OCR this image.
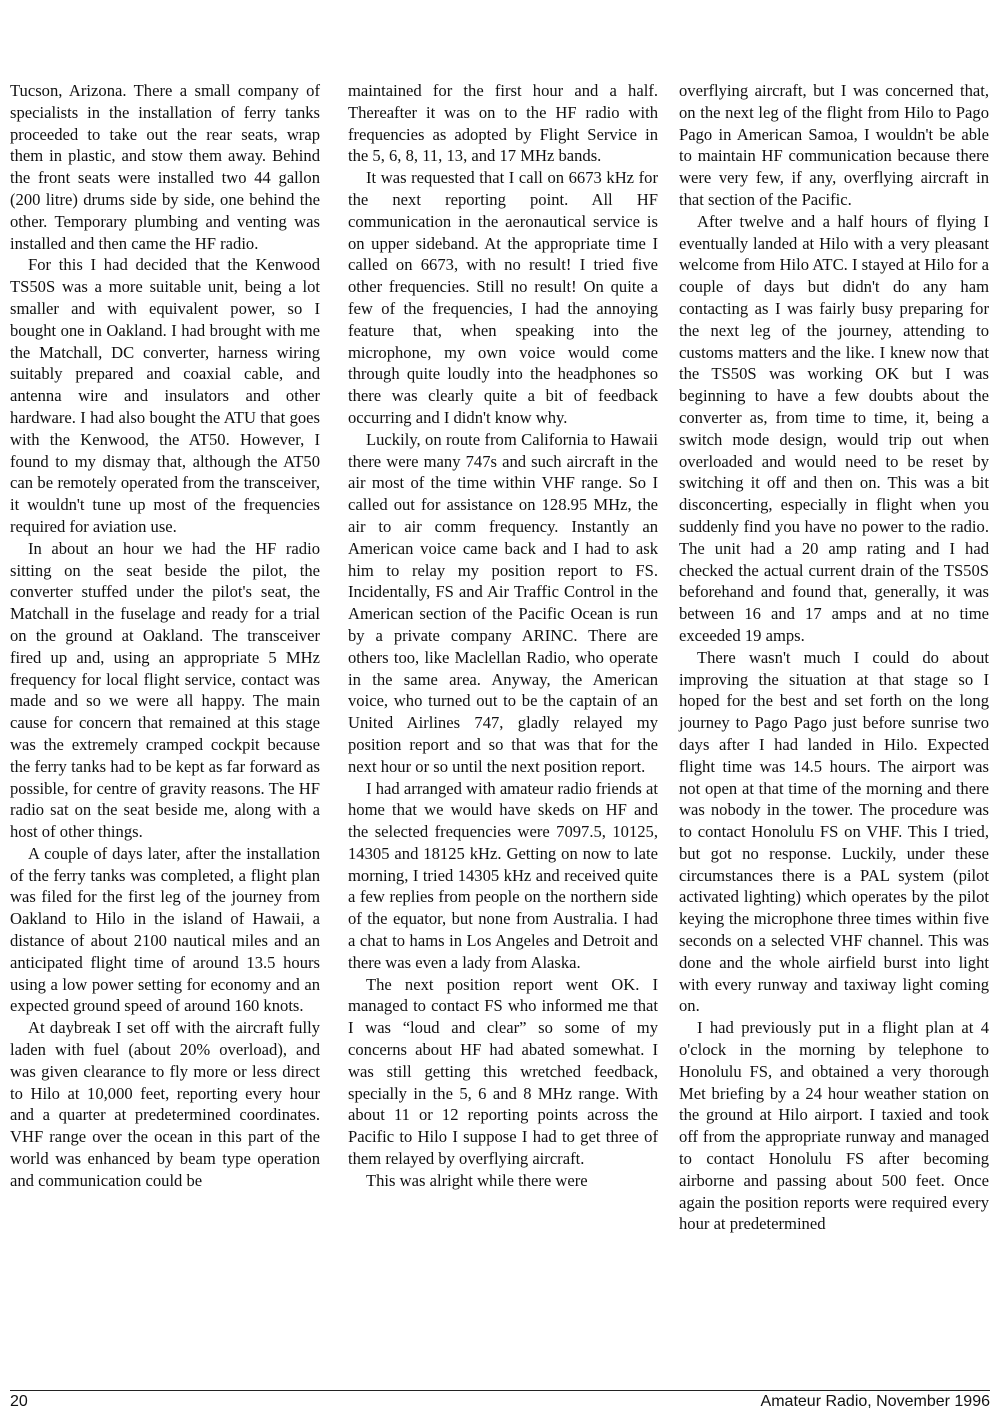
Tucson, Arizona. There a small company of specialists in the installation of ferry tanks proceeded to take out the rear seats, wrap them in plastic, and stow them away. Behind the front seats were installed two 44 gallon (200 litre) drums side by side, one behind the other. Temporary plumbing and venting was installed and then came the HF radio.

For this I had decided that the Kenwood TS50S was a more suitable unit, being a lot smaller and with equivalent power, so I bought one in Oakland. I had brought with me the Matchall, DC converter, harness wiring suitably prepared and coaxial cable, and antenna wire and insulators and other hardware. I had also bought the ATU that goes with the Kenwood, the AT50. However, I found to my dismay that, although the AT50 can be remotely operated from the transceiver, it wouldn't tune up most of the frequencies required for aviation use.

In about an hour we had the HF radio sitting on the seat beside the pilot, the converter stuffed under the pilot's seat, the Matchall in the fuselage and ready for a trial on the ground at Oakland. The transceiver fired up and, using an appropriate 5 MHz frequency for local flight service, contact was made and so we were all happy. The main cause for concern that remained at this stage was the extremely cramped cockpit because the ferry tanks had to be kept as far forward as possible, for centre of gravity reasons. The HF radio sat on the seat beside me, along with a host of other things.

A couple of days later, after the installation of the ferry tanks was completed, a flight plan was filed for the first leg of the journey from Oakland to Hilo in the island of Hawaii, a distance of about 2100 nautical miles and an anticipated flight time of around 13.5 hours using a low power setting for economy and an expected ground speed of around 160 knots.

At daybreak I set off with the aircraft fully laden with fuel (about 20% overload), and was given clearance to fly more or less direct to Hilo at 10,000 feet, reporting every hour and a quarter at predetermined coordinates. VHF range over the ocean in this part of the world was enhanced by beam type operation and communication could be

maintained for the first hour and a half. Thereafter it was on to the HF radio with frequencies as adopted by Flight Service in the 5, 6, 8, 11, 13, and 17 MHz bands.

It was requested that I call on 6673 kHz for the next reporting point. All HF communication in the aeronautical service is on upper sideband. At the appropriate time I called on 6673, with no result! I tried five other frequencies. Still no result! On quite a few of the frequencies, I had the annoying feature that, when speaking into the microphone, my own voice would come through quite loudly into the headphones so there was clearly quite a bit of feedback occurring and I didn't know why.

Luckily, on route from California to Hawaii there were many 747s and such aircraft in the air most of the time within VHF range. So I called out for assistance on 128.95 MHz, the air to air comm frequency. Instantly an American voice came back and I had to ask him to relay my position report to FS. Incidentally, FS and Air Traffic Control in the American section of the Pacific Ocean is run by a private company ARINC. There are others too, like Maclellan Radio, who operate in the same area. Anyway, the American voice, who turned out to be the captain of an United Airlines 747, gladly relayed my position report and so that was that for the next hour or so until the next position report.

I had arranged with amateur radio friends at home that we would have skeds on HF and the selected frequencies were 7097.5, 10125, 14305 and 18125 kHz. Getting on now to late morning, I tried 14305 kHz and received quite a few replies from people on the northern side of the equator, but none from Australia. I had a chat to hams in Los Angeles and Detroit and there was even a lady from Alaska.

The next position report went OK. I managed to contact FS who informed me that I was “loud and clear” so some of my concerns about HF had abated somewhat. I was still getting this wretched feedback, specially in the 5, 6 and 8 MHz range. With about 11 or 12 reporting points across the Pacific to Hilo I suppose I had to get three of them relayed by overflying aircraft.

This was alright while there were

overflying aircraft, but I was concerned that, on the next leg of the flight from Hilo to Pago Pago in American Samoa, I wouldn't be able to maintain HF communication because there were very few, if any, overflying aircraft in that section of the Pacific.

After twelve and a half hours of flying I eventually landed at Hilo with a very pleasant welcome from Hilo ATC. I stayed at Hilo for a couple of days but didn't do any ham contacting as I was fairly busy preparing for the next leg of the journey, attending to customs matters and the like. I knew now that the TS50S was working OK but I was beginning to have a few doubts about the converter as, from time to time, it, being a switch mode design, would trip out when overloaded and would need to be reset by switching it off and then on. This was a bit disconcerting, especially in flight when you suddenly find you have no power to the radio. The unit had a 20 amp rating and I had checked the actual current drain of the TS50S beforehand and found that, generally, it was between 16 and 17 amps and at no time exceeded 19 amps.

There wasn't much I could do about improving the situation at that stage so I hoped for the best and set forth on the long journey to Pago Pago just before sunrise two days after I had landed in Hilo. Expected flight time was 14.5 hours. The airport was not open at that time of the morning and there was nobody in the tower. The procedure was to contact Honolulu FS on VHF. This I tried, but got no response. Luckily, under these circumstances there is a PAL system (pilot activated lighting) which operates by the pilot keying the microphone three times within five seconds on a selected VHF channel. This was done and the whole airfield burst into light with every runway and taxiway light coming on.

I had previously put in a flight plan at 4 o'clock in the morning by telephone to Honolulu FS, and obtained a very thorough Met briefing by a 24 hour weather station on the ground at Hilo airport. I taxied and took off from the appropriate runway and managed to contact Honolulu FS after becoming airborne and passing about 500 feet. Once again the position reports were required every hour at predetermined

20	Amateur Radio, November 1996
